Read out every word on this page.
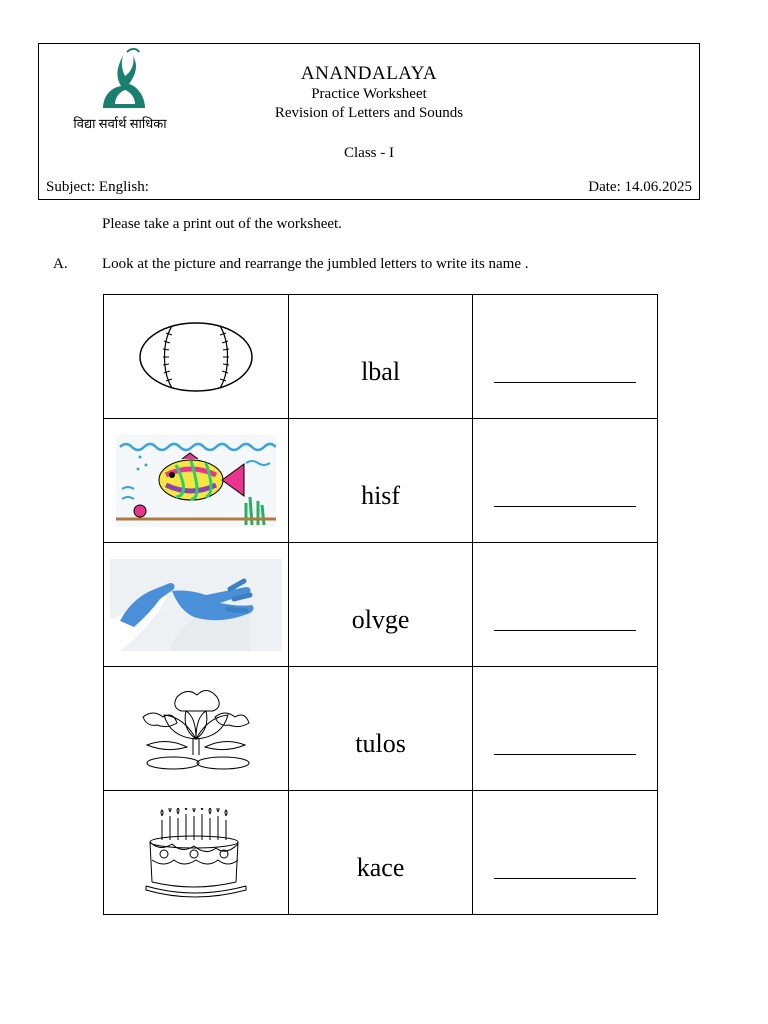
विद्या सर्वार्थ साधिका
ANANDALAYA
Practice Worksheet
Revision of Letters and Sounds
Class - I
Subject: English:	Date: 14.06.2025
Please take a print out of the worksheet.
A. Look at the picture and rearrange the jumbled letters to write its name .
	lbal	

	hisf	

	olvge	

	tulos	

	kace	
